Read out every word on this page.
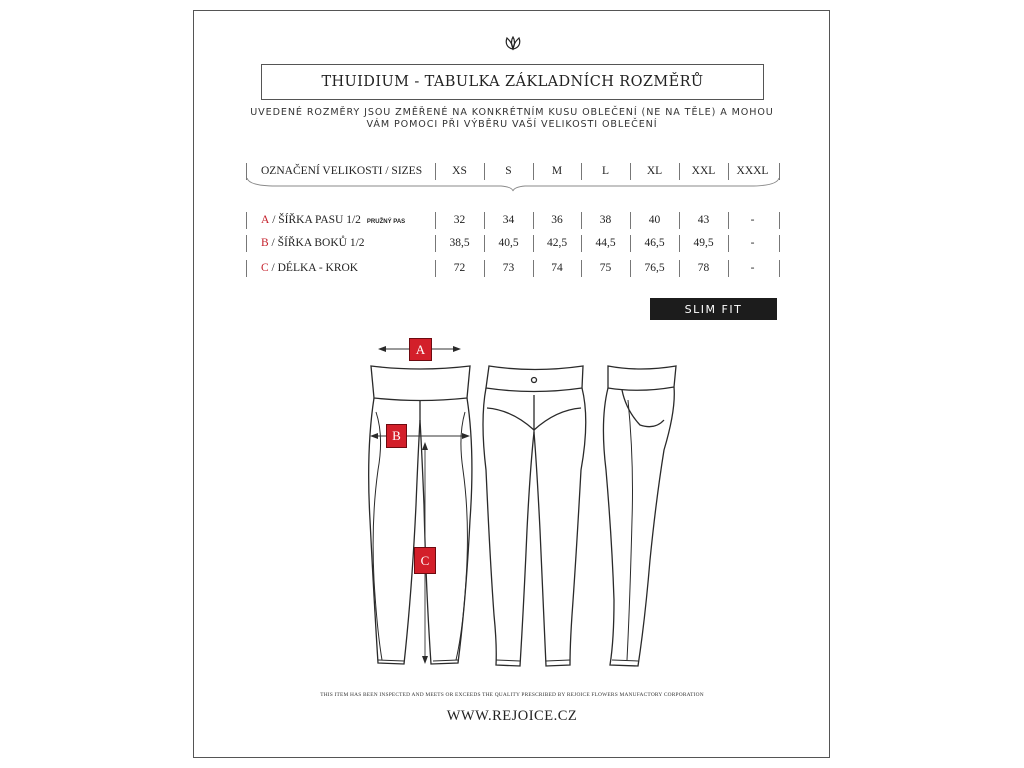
THUIDIUM - TABULKA ZÁKLADNÍCH ROZMĚRŮ
UVEDENÉ ROZMĚRY JSOU ZMĚŘENÉ NA KONKRÉTNÍM KUSU OBLEČENÍ (NE NA TĚLE) A MOHOU
VÁM POMOCI PŘI VÝBĚRU VAŠÍ VELIKOSTI OBLEČENÍ
OZNAČENÍ VELIKOSTI / SIZES	XS	S	M	L	XL	XXL	XXXL
A / ŠÍŘKA PASU 1/2 PRUŽNÝ PAS	32	34	36	38	40	43	-
B / ŠÍŘKA BOKŮ 1/2	38,5	40,5	42,5	44,5	46,5	49,5	-
C / DÉLKA - KROK	72	73	74	75	76,5	78	-
SLIM FIT
A
B
C
THIS ITEM HAS BEEN INSPECTED AND MEETS OR EXCEEDS THE QUALITY PRESCRIBED BY REJOICE FLOWERS MANUFACTORY CORPORATION
WWW.REJOICE.CZ
